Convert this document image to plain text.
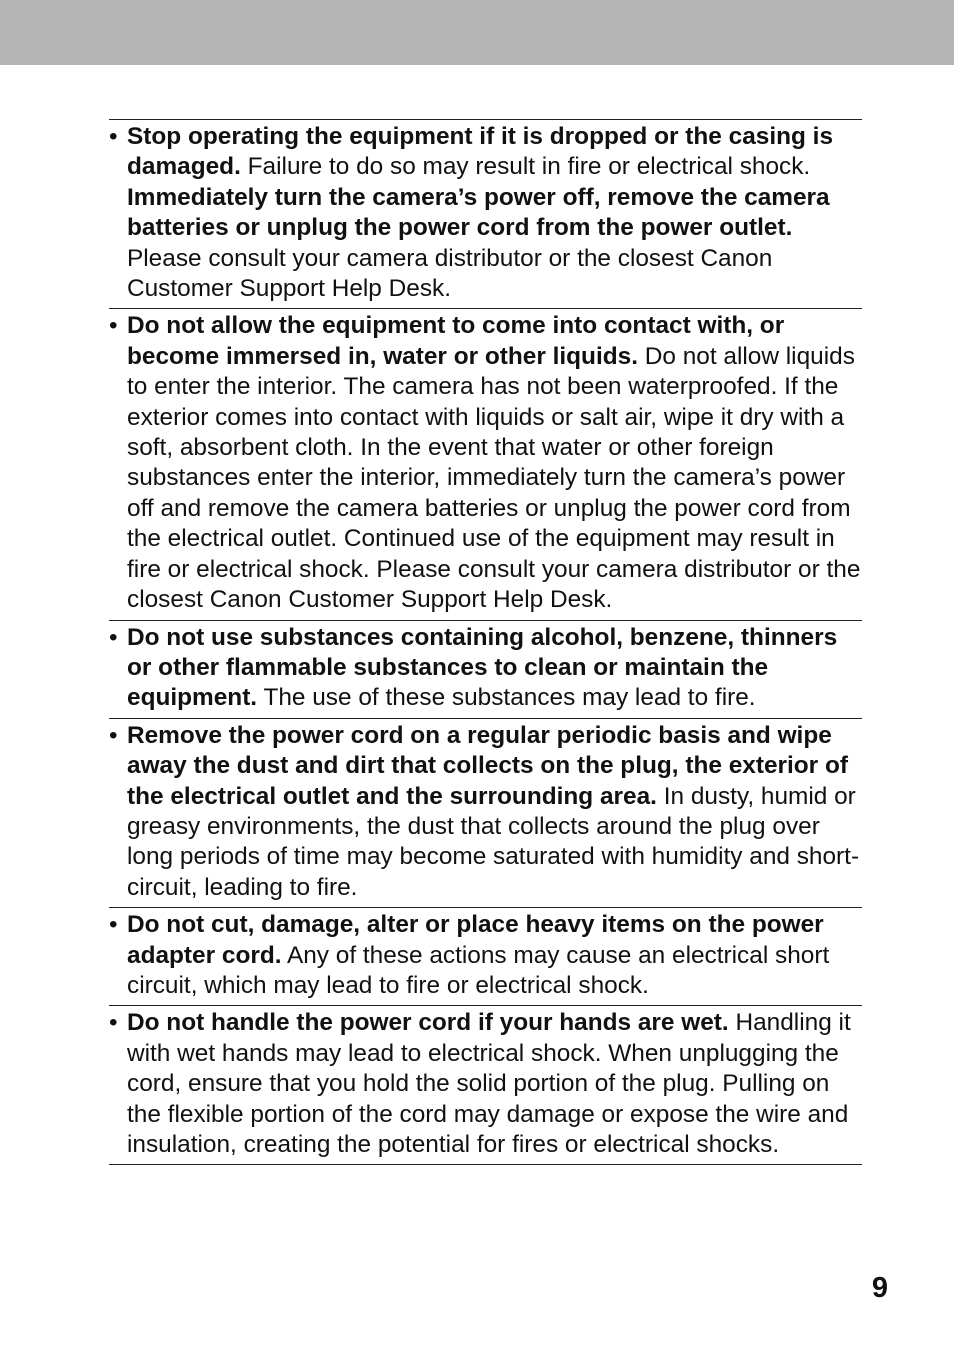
• Stop operating the equipment if it is dropped or the casing is damaged. Failure to do so may result in fire or electrical shock. Immediately turn the camera’s power off, remove the camera batteries or unplug the power cord from the power outlet. Please consult your camera distributor or the closest Canon Customer Support Help Desk.
• Do not allow the equipment to come into contact with, or become immersed in, water or other liquids. Do not allow liquids to enter the interior. The camera has not been waterproofed. If the exterior comes into contact with liquids or salt air, wipe it dry with a soft, absorbent cloth. In the event that water or other foreign substances enter the interior, immediately turn the camera’s power off and remove the camera batteries or unplug the power cord from the electrical outlet. Continued use of the equipment may result in fire or electrical shock. Please consult your camera distributor or the closest Canon Customer Support Help Desk.
• Do not use substances containing alcohol, benzene, thinners or other flammable substances to clean or maintain the equipment. The use of these substances may lead to fire.
• Remove the power cord on a regular periodic basis and wipe away the dust and dirt that collects on the plug, the exterior of the electrical outlet and the surrounding area. In dusty, humid or greasy environments, the dust that collects around the plug over long periods of time may become saturated with humidity and short-circuit, leading to fire.
• Do not cut, damage, alter or place heavy items on the power adapter cord. Any of these actions may cause an electrical short circuit, which may lead to fire or electrical shock.
• Do not handle the power cord if your hands are wet. Handling it with wet hands may lead to electrical shock. When unplugging the cord, ensure that you hold the solid portion of the plug. Pulling on the flexible portion of the cord may damage or expose the wire and insulation, creating the potential for fires or electrical shocks.
9
